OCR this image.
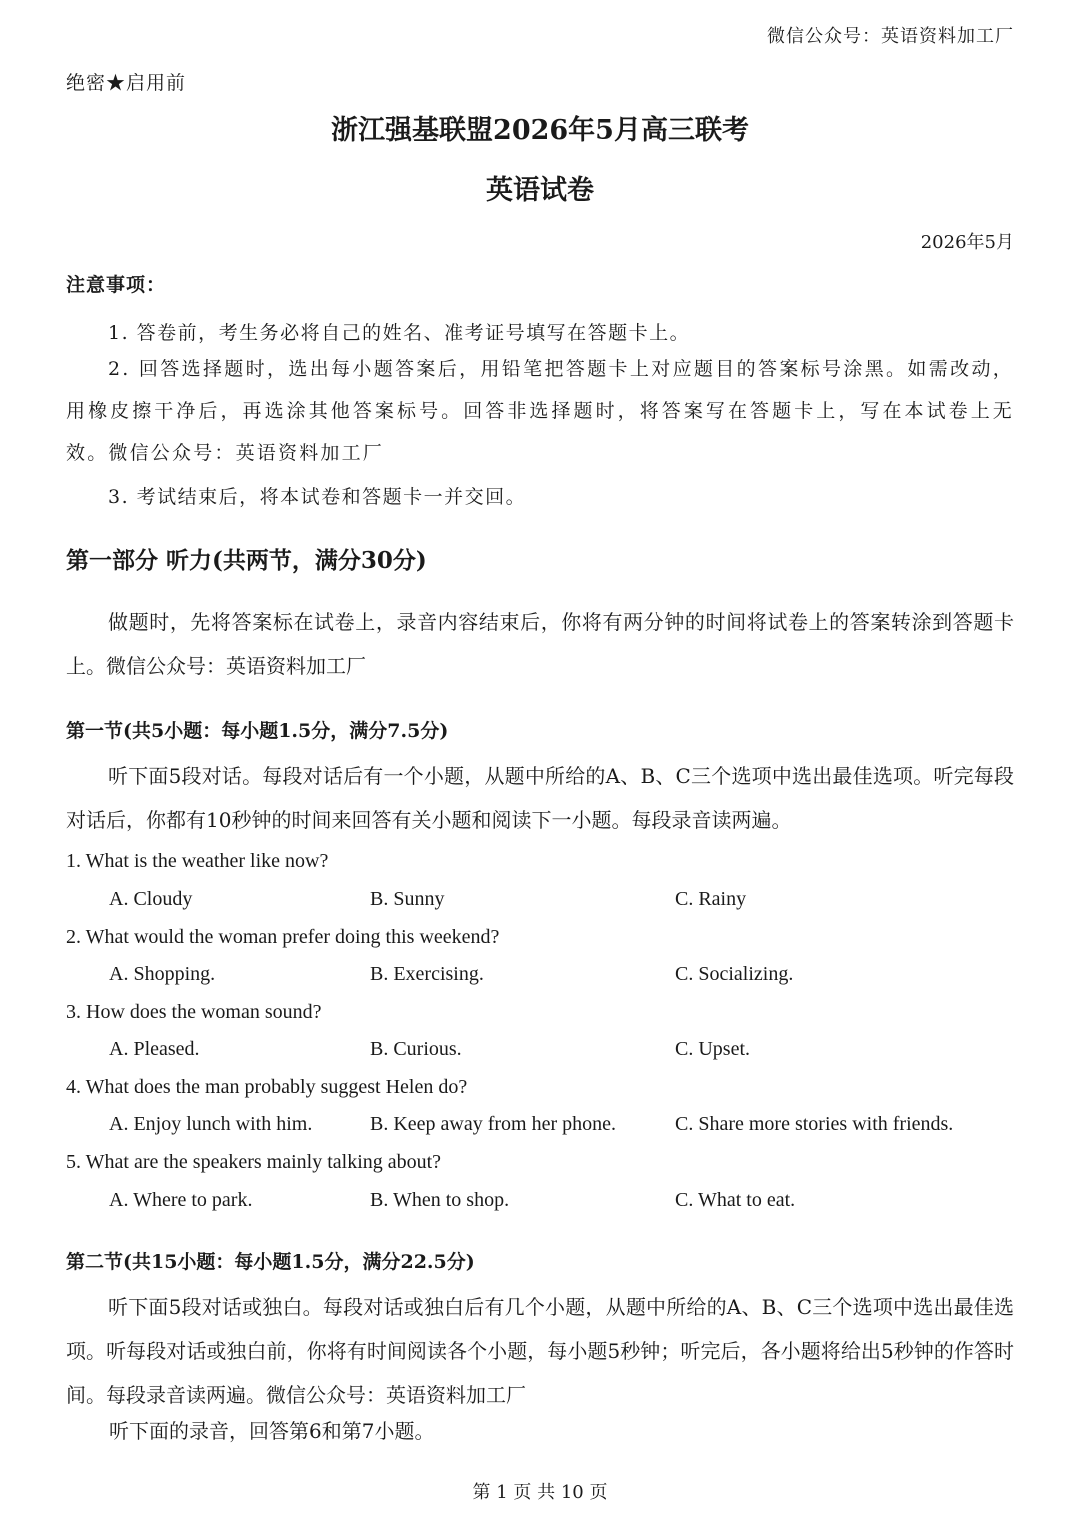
微信公众号：英语资料加工厂
绝密★启用前
浙江强基联盟2026年5月高三联考
英语试卷
2026年5月
注意事项：
1. 答卷前，考生务必将自己的姓名、准考证号填写在答题卡上。
2. 回答选择题时，选出每小题答案后，用铅笔把答题卡上对应题目的答案标号涂黑。如需改动，用橡皮擦干净后，再选涂其他答案标号。回答非选择题时，将答案写在答题卡上，写在本试卷上无效。微信公众号：英语资料加工厂
3. 考试结束后，将本试卷和答题卡一并交回。
第一部分 听力(共两节，满分30分)
做题时，先将答案标在试卷上，录音内容结束后，你将有两分钟的时间将试卷上的答案转涂到答题卡上。微信公众号：英语资料加工厂
第一节(共5小题：每小题1.5分，满分7.5分)
听下面5段对话。每段对话后有一个小题，从题中所给的A、B、C三个选项中选出最佳选项。听完每段对话后，你都有10秒钟的时间来回答有关小题和阅读下一小题。每段录音读两遍。
1. What is the weather like now?
A. Cloudy	B. Sunny	C. Rainy
2. What would the woman prefer doing this weekend?
A. Shopping.	B. Exercising.	C. Socializing.
3. How does the woman sound?
A. Pleased.	B. Curious.	C. Upset.
4. What does the man probably suggest Helen do?
A. Enjoy lunch with him.	B. Keep away from her phone.	C. Share more stories with friends.
5. What are the speakers mainly talking about?
A. Where to park.	B. When to shop.	C. What to eat.
第二节(共15小题：每小题1.5分，满分22.5分)
听下面5段对话或独白。每段对话或独白后有几个小题，从题中所给的A、B、C三个选项中选出最佳选项。听每段对话或独白前，你将有时间阅读各个小题，每小题5秒钟；听完后，各小题将给出5秒钟的作答时间。每段录音读两遍。微信公众号：英语资料加工厂
听下面的录音，回答第6和第7小题。
第 1 页 共 10 页
